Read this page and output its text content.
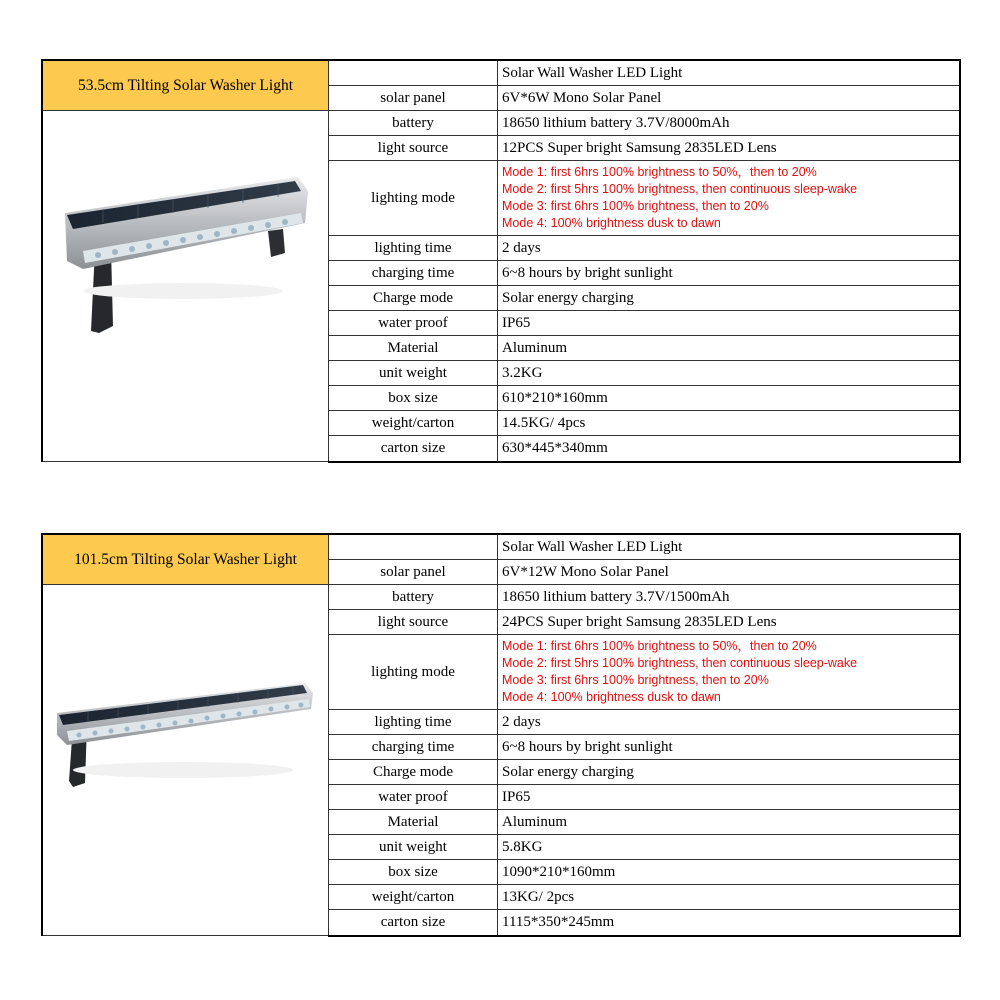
53.5cm Tilting Solar Washer Light		Solar Wall Washer LED Light
	solar panel	6V*6W Mono Solar Panel

	battery	18650 lithium battery 3.7V/8000mAh
	light source	12PCS Super bright Samsung 2835LED Lens
	lighting mode	Mode 1: first 6hrs 100% brightness to 50%，then to 20%
Mode 2: first 5hrs 100% brightness, then continuous sleep-wake
Mode 3: first 6hrs 100% brightness, then to 20%
Mode 4: 100% brightness dusk to dawn

	lighting time	2 days
	charging time	6~8 hours by bright sunlight
	Charge mode	Solar energy charging
	water proof	IP65
	Material	Aluminum
	unit weight	3.2KG
	box size	610*210*160mm
	weight/carton	14.5KG/ 4pcs
	carton size	630*445*340mm
101.5cm Tilting Solar Washer Light		Solar Wall Washer LED Light
	solar panel	6V*12W Mono Solar Panel

	battery	18650 lithium battery 3.7V/1500mAh
	light source	24PCS Super bright Samsung 2835LED Lens
	lighting mode	Mode 1: first 6hrs 100% brightness to 50%，then to 20%
Mode 2: first 5hrs 100% brightness, then continuous sleep-wake
Mode 3: first 6hrs 100% brightness, then to 20%
Mode 4: 100% brightness dusk to dawn

	lighting time	2 days
	charging time	6~8 hours by bright sunlight
	Charge mode	Solar energy charging
	water proof	IP65
	Material	Aluminum
	unit weight	5.8KG
	box size	1090*210*160mm
	weight/carton	13KG/ 2pcs
	carton size	1115*350*245mm
